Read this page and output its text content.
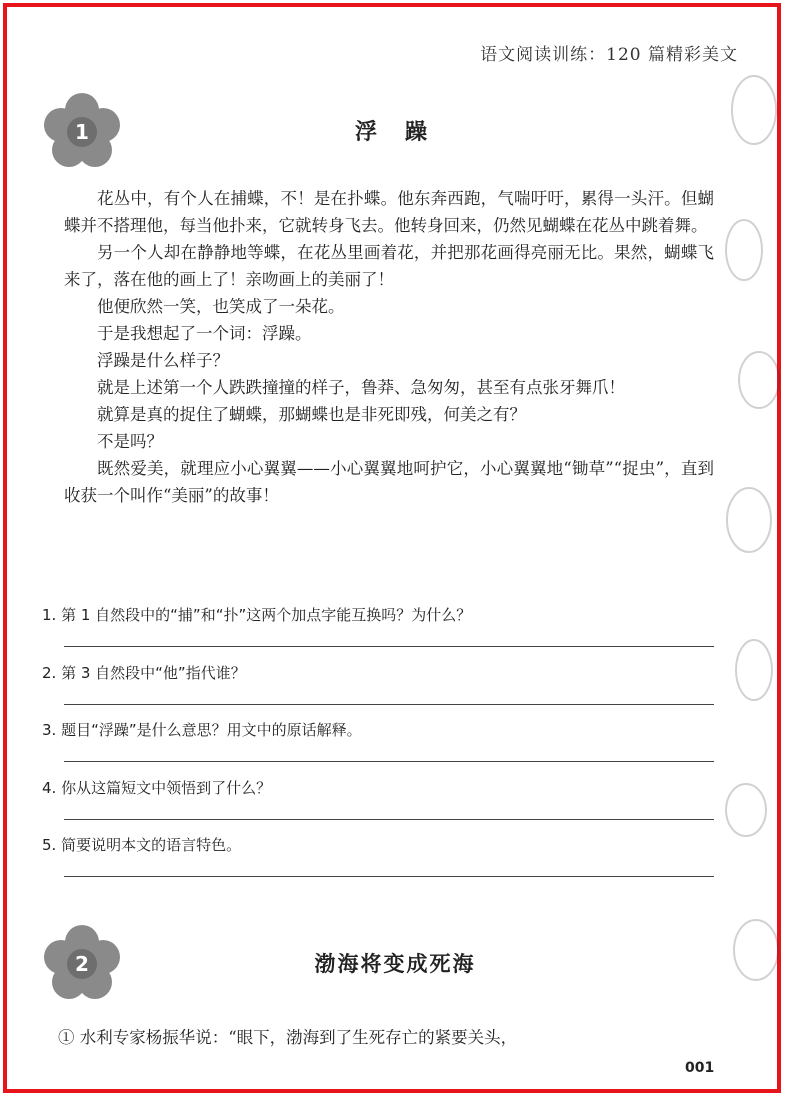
语文阅读训练：120 篇精彩美文
1	浮躁

花丛中，有个人在捕蝶，不！是在扑蝶。他东奔西跑，气喘吁吁，累得一头汗。但蝴蝶并不搭理他，每当他扑来，它就转身飞去。他转身回来，仍然见蝴蝶在花丛中跳着舞。

另一个人却在静静地等蝶，在花丛里画着花，并把那花画得亮丽无比。果然，蝴蝶飞来了，落在他的画上了！亲吻画上的美丽了！

他便欣然一笑，也笑成了一朵花。

于是我想起了一个词：浮躁。

浮躁是什么样子？

就是上述第一个人跌跌撞撞的样子，鲁莽、急匆匆，甚至有点张牙舞爪！

就算是真的捉住了蝴蝶，那蝴蝶也是非死即残，何美之有？

不是吗？

既然爱美，就理应小心翼翼——小心翼翼地呵护它，小心翼翼地“锄草”“捉虫”，直到收获一个叫作“美丽”的故事！

1. 第 1 自然段中的“捕”和“扑”这两个加点字能互换吗？为什么？
2. 第 3 自然段中“他”指代谁？
3. 题目“浮躁”是什么意思？用文中的原话解释。
4. 你从这篇短文中领悟到了什么？
5. 简要说明本文的语言特色。
2	渤海将变成死海
① 水利专家杨振华说：“眼下，渤海到了生死存亡的紧要关头，
001
